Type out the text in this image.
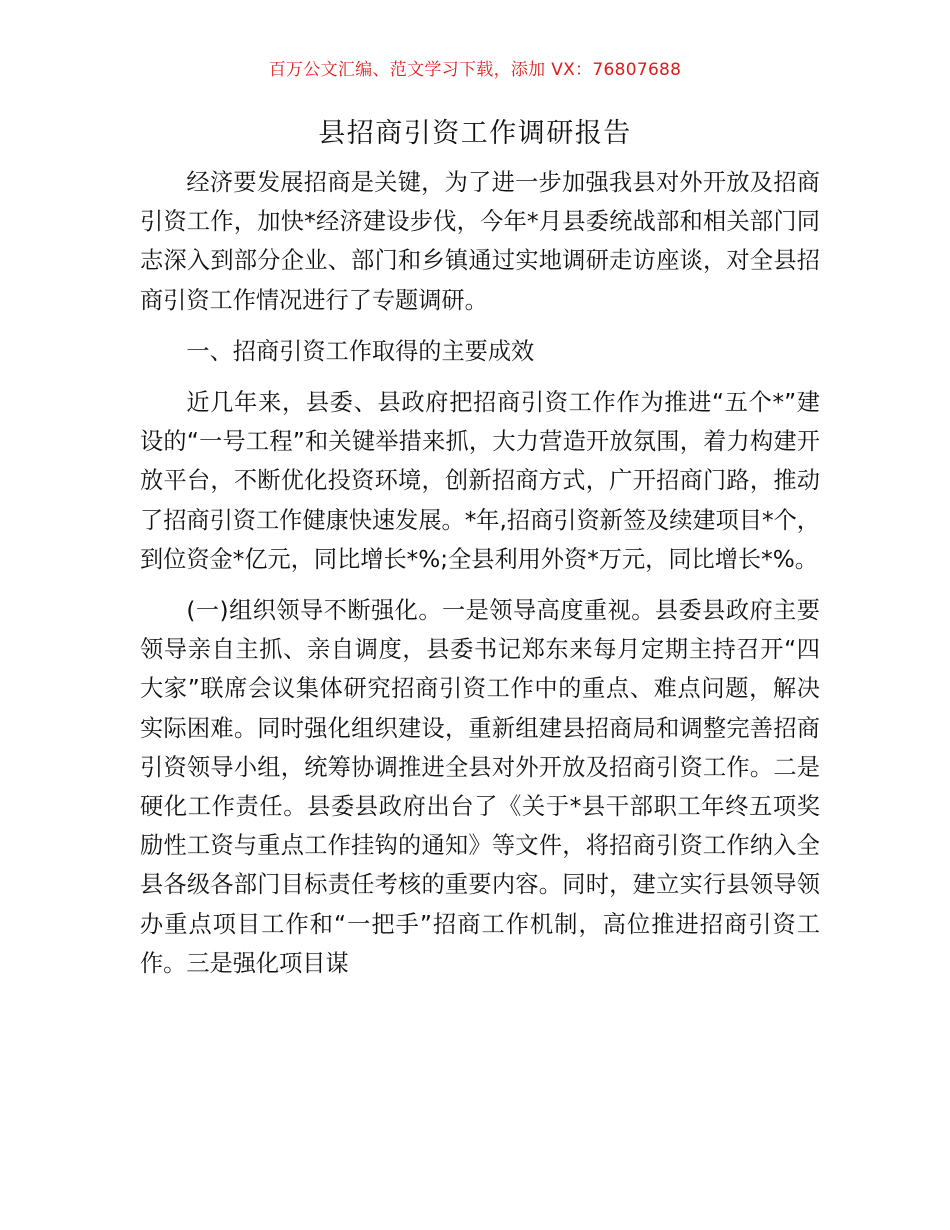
百万公文汇编、范文学习下载，添加 VX：76807688
县招商引资工作调研报告

经济要发展招商是关键，为了进一步加强我县对外开放及招商引资工作，加快*经济建设步伐，今年*月县委统战部和相关部门同志深入到部分企业、部门和乡镇通过实地调研走访座谈，对全县招商引资工作情况进行了专题调研。

一、招商引资工作取得的主要成效

近几年来，县委、县政府把招商引资工作作为推进“五个*”建设的“一号工程”和关键举措来抓，大力营造开放氛围，着力构建开放平台，不断优化投资环境，创新招商方式，广开招商门路，推动了招商引资工作健康快速发展。*年,招商引资新签及续建项目*个，到位资金*亿元，同比增长*%;全县利用外资*万元，同比增长*%。

(一)组织领导不断强化。一是领导高度重视。县委县政府主要领导亲自主抓、亲自调度，县委书记郑东来每月定期主持召开“四大家”联席会议集体研究招商引资工作中的重点、难点问题，解决实际困难。同时强化组织建设，重新组建县招商局和调整完善招商引资领导小组，统筹协调推进全县对外开放及招商引资工作。二是硬化工作责任。县委县政府出台了《关于*县干部职工年终五项奖励性工资与重点工作挂钩的通知》等文件，将招商引资工作纳入全县各级各部门目标责任考核的重要内容。同时，建立实行县领导领办重点项目工作和“一把手”招商工作机制，高位推进招商引资工作。三是强化项目谋
